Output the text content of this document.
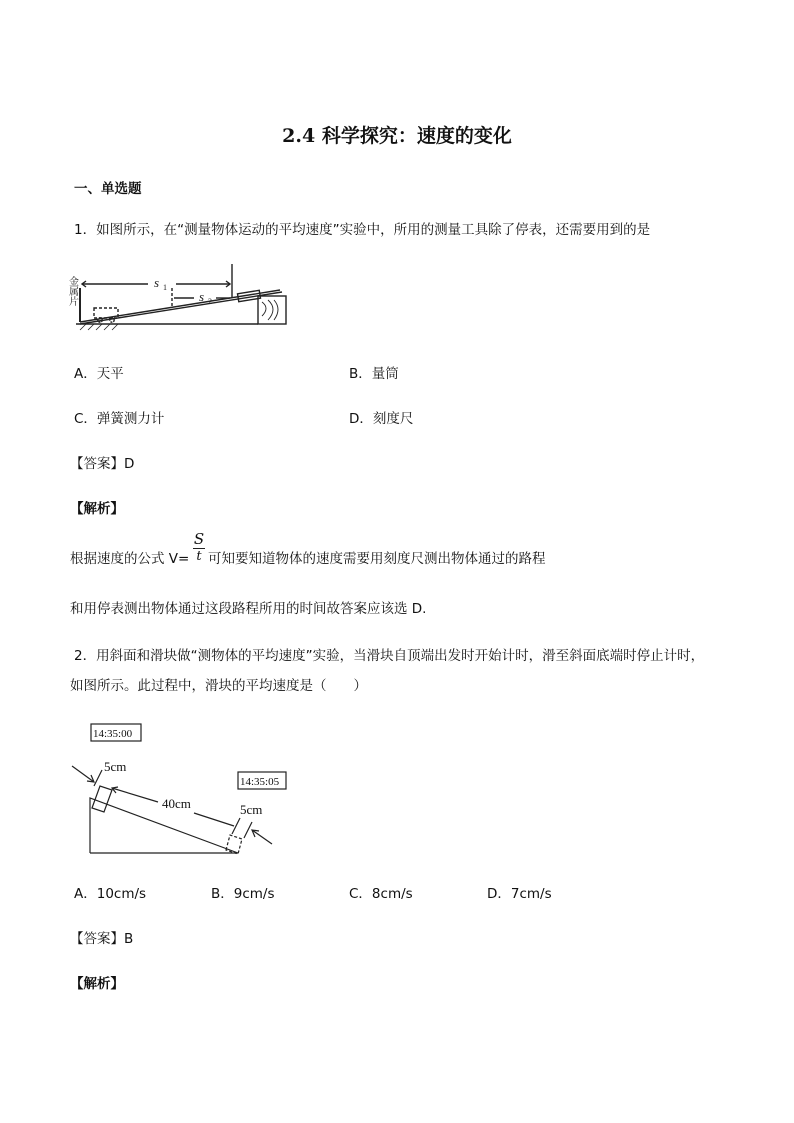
2.4 科学探究：速度的变化
一、单选题
1．如图所示，在“测量物体运动的平均速度”实验中，所用的测量工具除了停表，还需要用到的是
s 1
s 2
金属片
A．天平	B．量筒
C．弹簧测力计	D．刻度尺
【答案】D
【解析】
根据速度的公式 V=
S
t 可知要知道物体的速度需要用刻度尺测出物体通过的路程
和用停表测出物体通过这段路程所用的时间故答案应该选 D.
2．用斜面和滑块做“测物体的平均速度”实验，当滑块自顶端出发时开始计时，滑至斜面底端时停止计时，
如图所示。此过程中，滑块的平均速度是（　　）
14:35:00
14:35:05
5cm
40cm	5cm
A．10cm/s	B．9cm/s	C．8cm/s	D．7cm/s
【答案】B
【解析】
